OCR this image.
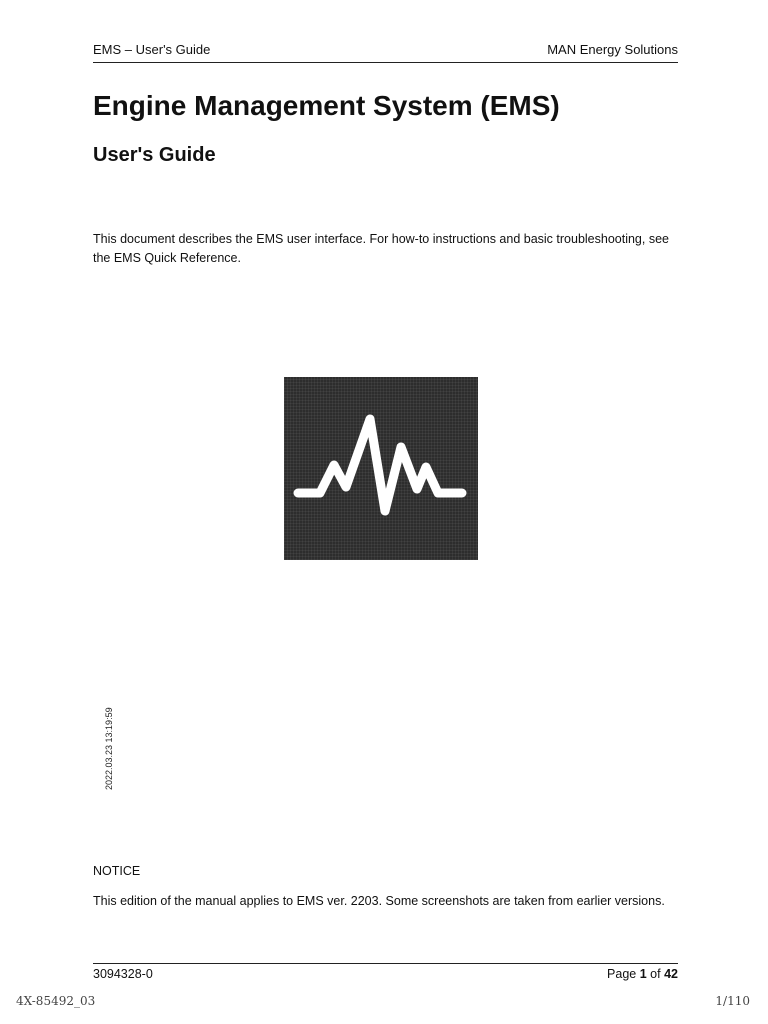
EMS – User's Guide	MAN Energy Solutions
Engine Management System (EMS)
User's Guide

This document describes the EMS user interface. For how-to instructions and basic troubleshooting, see the EMS Quick Reference.

2022.03.23 13:19:59

NOTICE

This edition of the manual applies to EMS ver. 2203. Some screenshots are taken from earlier versions.

3094328-0	Page 1 of 42
4X-85492_03	1/110
